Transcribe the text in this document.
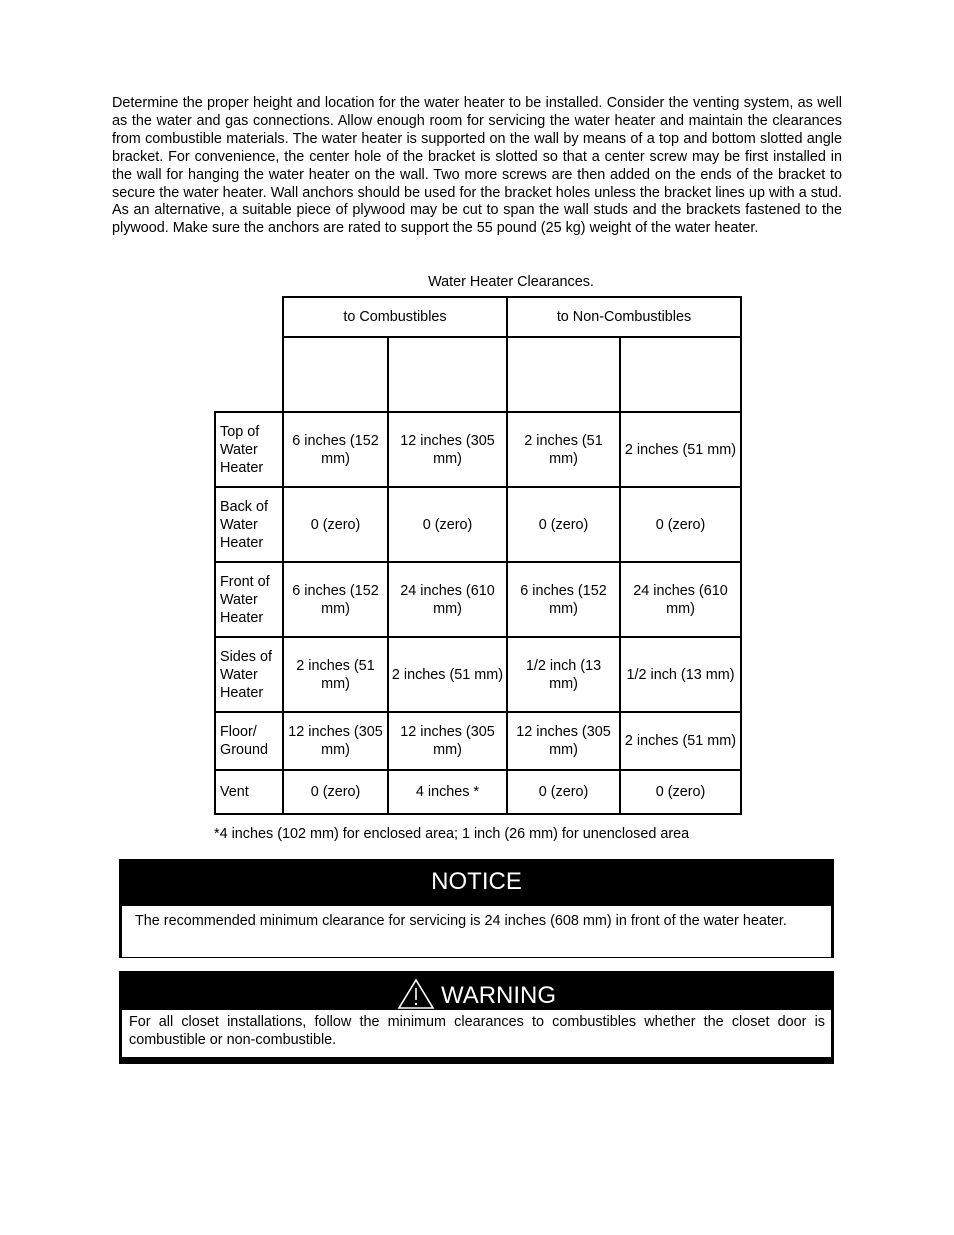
Determine the proper height and location for the water heater to be installed. Consider the venting system, as well as the water and gas connections. Allow enough room for servicing the water heater and maintain the clearances from combustible materials. The water heater is supported on the wall by means of a top and bottom slotted angle bracket. For convenience, the center hole of the bracket is slotted so that a center screw may be first installed in the wall for hanging the water heater on the wall. Two more screws are then added on the ends of the bracket to secure the water heater. Wall anchors should be used for the bracket holes unless the bracket lines up with a stud. As an alternative, a suitable piece of plywood may be cut to span the wall studs and the brackets fastened to the plywood. Make sure the anchors are rated to support the 55 pound (25 kg) weight of the water heater.

Water Heater Clearances.

	to Combustibles		to Non-Combustibles	

Top of Water Heater	6 inches (152 mm)	12 inches (305 mm)	2 inches (51 mm)	2 inches (51 mm)
Back of Water Heater	0 (zero)	0 (zero)	0 (zero)	0 (zero)
Front of Water Heater	6 inches (152 mm)	24 inches (610 mm)	6 inches (152 mm)	24 inches (610 mm)
Sides of Water Heater	2 inches (51 mm)	2 inches (51 mm)	1/2 inch (13 mm)	1/2 inch (13 mm)
Floor/ Ground	12 inches (305 mm)	12 inches (305 mm)	12 inches (305 mm)	2 inches (51 mm)
Vent	0 (zero)	4 inches *	0 (zero)	0 (zero)

*4 inches (102 mm) for enclosed area; 1 inch (26 mm) for unenclosed area

NOTICE
The recommended minimum clearance for servicing is 24 inches (608 mm) in front of the water heater.
WARNING
For all closet installations, follow the minimum clearances to combustibles whether the closet door is combustible or non-combustible.
